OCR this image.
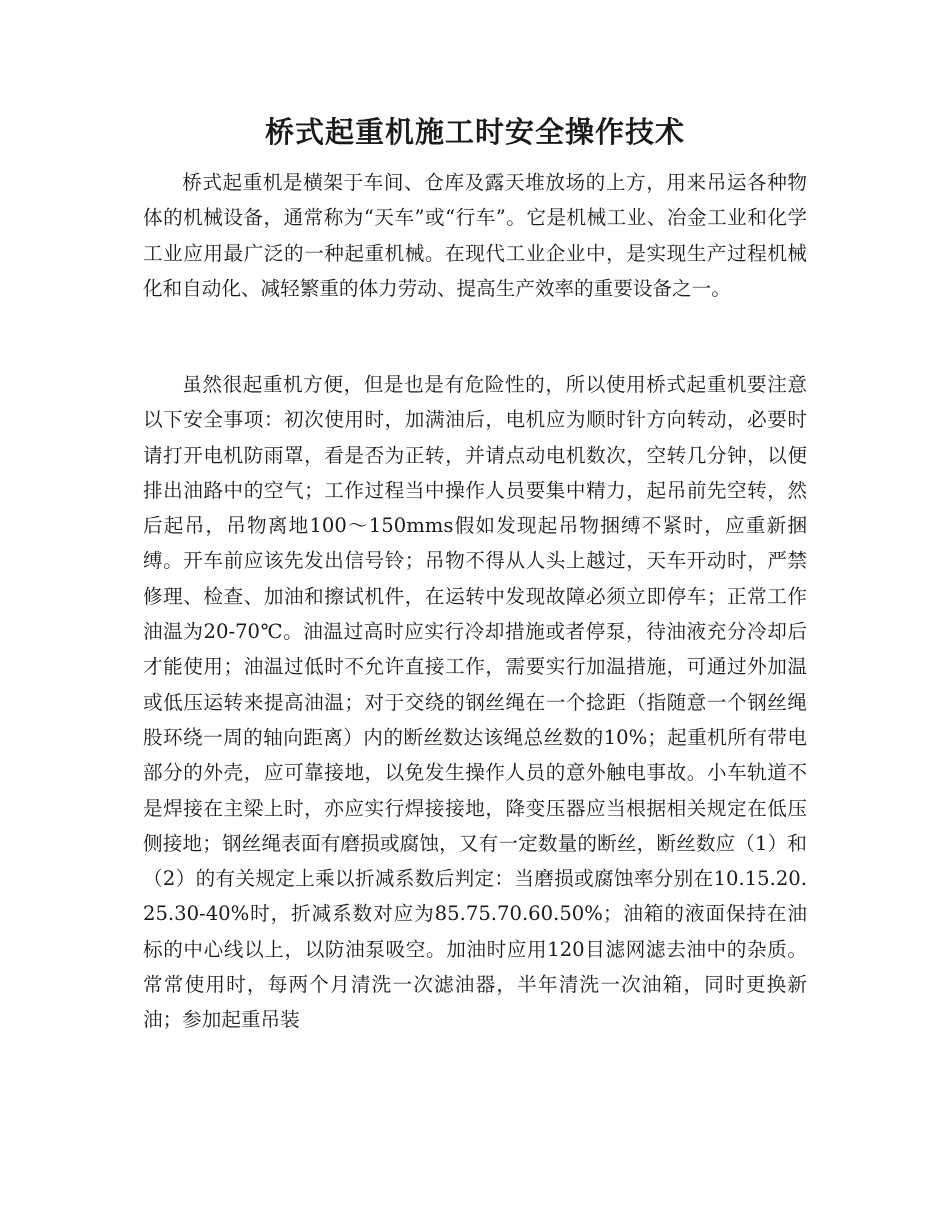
桥式起重机施工时安全操作技术

桥式起重机是横架于车间、仓库及露天堆放场的上方，用来吊运各种物体的机械设备，通常称为“天车”或“行车”。它是机械工业、冶金工业和化学工业应用最广泛的一种起重机械。在现代工业企业中，是实现生产过程机械化和自动化、减轻繁重的体力劳动、提高生产效率的重要设备之一。

虽然很起重机方便，但是也是有危险性的，所以使用桥式起重机要注意以下安全事项：初次使用时，加满油后，电机应为顺时针方向转动，必要时请打开电机防雨罩，看是否为正转，并请点动电机数次，空转几分钟，以便排出油路中的空气；工作过程当中操作人员要集中精力，起吊前先空转，然后起吊，吊物离地100～150mms假如发现起吊物捆缚不紧时，应重新捆缚。开车前应该先发出信号铃；吊物不得从人头上越过，天车开动时，严禁修理、检查、加油和擦试机件，在运转中发现故障必须立即停车；正常工作油温为20-70℃。油温过高时应实行冷却措施或者停泵，待油液充分冷却后才能使用；油温过低时不允许直接工作，需要实行加温措施，可通过外加温或低压运转来提高油温；对于交绕的钢丝绳在一个捻距（指随意一个钢丝绳股环绕一周的轴向距离）内的断丝数达该绳总丝数的10%；起重机所有带电部分的外壳，应可靠接地，以免发生操作人员的意外触电事故。小车轨道不是焊接在主梁上时，亦应实行焊接接地，降变压器应当根据相关规定在低压侧接地；钢丝绳表面有磨损或腐蚀，又有一定数量的断丝，断丝数应（1）和（2）的有关规定上乘以折减系数后判定：当磨损或腐蚀率分别在10.15.20.25.30-40%时，折减系数对应为85.75.70.60.50%；油箱的液面保持在油标的中心线以上，以防油泵吸空。加油时应用120目滤网滤去油中的杂质。常常使用时，每两个月清洗一次滤油器，半年清洗一次油箱，同时更换新油；参加起重吊装
